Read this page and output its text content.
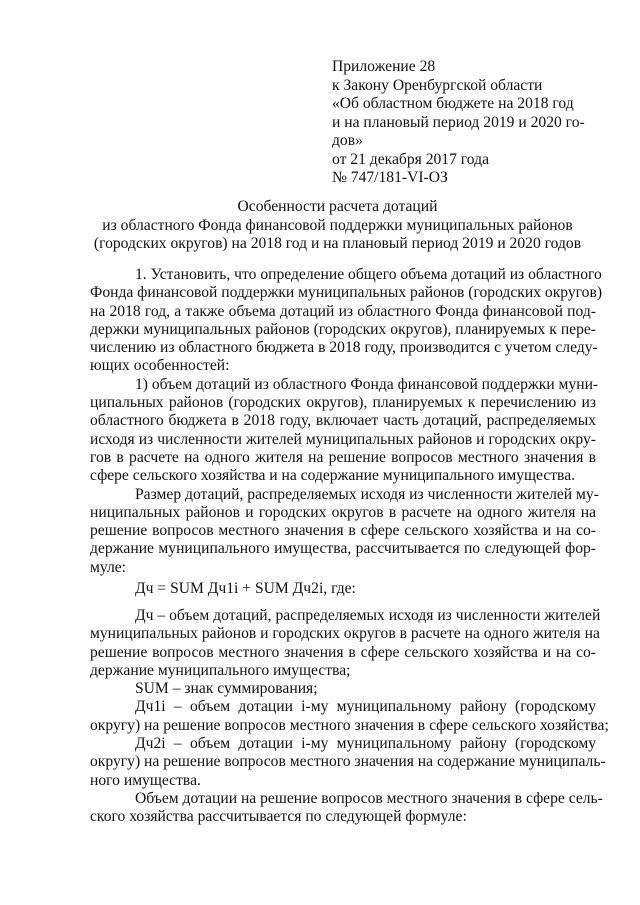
Приложение 28
к Закону Оренбургской области
«Об областном бюджете на 2018 год
и на плановый период 2019 и 2020 го-
дов»
от 21 декабря 2017 года
№ 747/181-VI-ОЗ
Особенности расчета дотаций
из областного Фонда финансовой поддержки муниципальных районов
(городских округов) на 2018 год и на плановый период 2019 и 2020 годов
1. Установить, что определение общего объема дотаций из областного
Фонда финансовой поддержки муниципальных районов (городских округов)
на 2018 год, а также объема дотаций из областного Фонда финансовой под-
держки муниципальных районов (городских округов), планируемых к пере-
числению из областного бюджета в 2018 году, производится с учетом следу-
ющих особенностей:
1) объем дотаций из областного Фонда финансовой поддержки муни-
ципальных районов (городских округов), планируемых к перечислению из
областного бюджета в 2018 году, включает часть дотаций, распределяемых
исходя из численности жителей муниципальных районов и городских окру-
гов в расчете на одного жителя на решение вопросов местного значения в
сфере сельского хозяйства и на содержание муниципального имущества.
Размер дотаций, распределяемых исходя из численности жителей му-
ниципальных районов и городских округов в расчете на одного жителя на
решение вопросов местного значения в сфере сельского хозяйства и на со-
держание муниципального имущества, рассчитывается по следующей фор-
муле:
Дч = SUM Дч1i + SUM Дч2i, где:
Дч – объем дотаций, распределяемых исходя из численности жителей
муниципальных районов и городских округов в расчете на одного жителя на
решение вопросов местного значения в сфере сельского хозяйства и на со-
держание муниципального имущества;
SUM – знак суммирования;
Дч1i – объем дотации i-му муниципальному району (городскому
округу) на решение вопросов местного значения в сфере сельского хозяйства;
Дч2i – объем дотации i-му муниципальному району (городскому
округу) на решение вопросов местного значения на содержание муниципаль-
ного имущества.
Объем дотации на решение вопросов местного значения в сфере сель-
ского хозяйства рассчитывается по следующей формуле:
